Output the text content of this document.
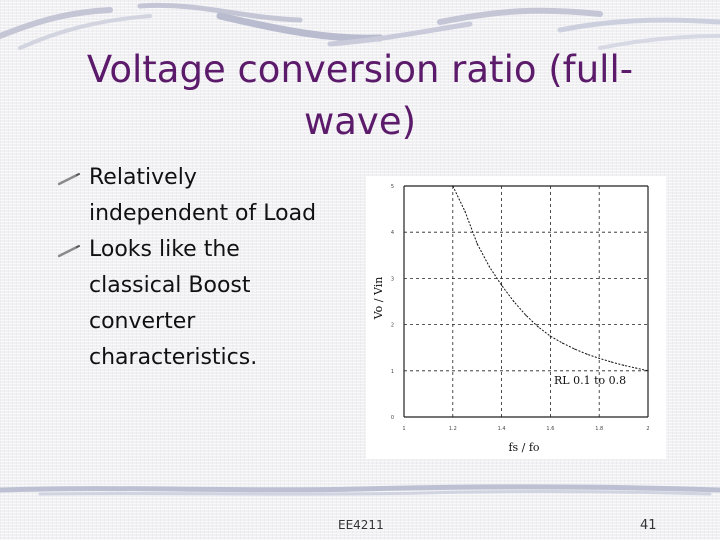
Voltage conversion ratio (full-
wave)
Relatively
independent of Load
Looks like the
classical Boost
converter
characteristics.
1	1.2	1.4	1.6	1.8	2
0
1
2
3
4
5
RL 0.1 to 0.8
fs / fo
Vo / Vin
EE4211	41
